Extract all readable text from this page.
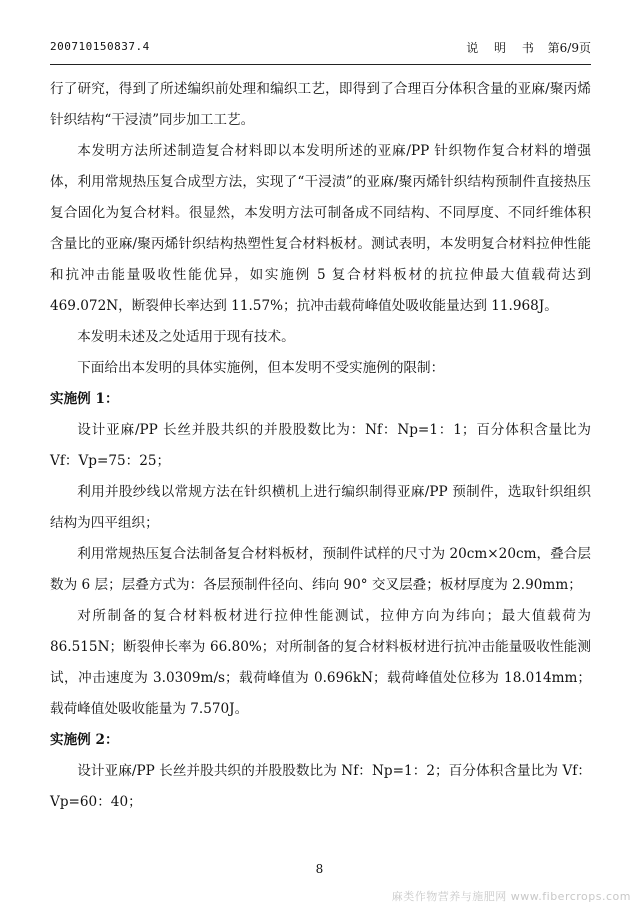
200710150837.4	说 明 书 第6/9页

行了研究，得到了所述编织前处理和编织工艺，即得到了合理百分体积含量的亚麻/聚丙烯针织结构“干浸渍”同步加工工艺。

本发明方法所述制造复合材料即以本发明所述的亚麻/PP 针织物作复合材料的增强体，利用常规热压复合成型方法，实现了“干浸渍”的亚麻/聚丙烯针织结构预制件直接热压复合固化为复合材料。很显然，本发明方法可制备成不同结构、不同厚度、不同纤维体积含量比的亚麻/聚丙烯针织结构热塑性复合材料板材。测试表明，本发明复合材料拉伸性能和抗冲击能量吸收性能优异，如实施例 5 复合材料板材的抗拉伸最大值载荷达到 469.072N，断裂伸长率达到 11.57%；抗冲击载荷峰值处吸收能量达到 11.968J。

本发明未述及之处适用于现有技术。

下面给出本发明的具体实施例，但本发明不受实施例的限制：

实施例 1：

设计亚麻/PP 长丝并股共织的并股股数比为：Nf：Np=1：1；百分体积含量比为 Vf：Vp=75：25；

利用并股纱线以常规方法在针织横机上进行编织制得亚麻/PP 预制件，选取针织组织结构为四平组织；

利用常规热压复合法制备复合材料板材，预制件试样的尺寸为 20cm×20cm，叠合层数为 6 层；层叠方式为：各层预制件径向、纬向 90° 交叉层叠；板材厚度为 2.90mm；

对所制备的复合材料板材进行拉伸性能测试，拉伸方向为纬向；最大值载荷为 86.515N；断裂伸长率为 66.80%；对所制备的复合材料板材进行抗冲击能量吸收性能测试，冲击速度为 3.0309m/s；载荷峰值为 0.696kN；载荷峰值处位移为 18.014mm；载荷峰值处吸收能量为 7.570J。

实施例 2：

设计亚麻/PP 长丝并股共织的并股股数比为 Nf：Np=1：2；百分体积含量比为 Vf：Vp=60：40；

8
麻类作物营养与施肥网 www.fibercrops.com
